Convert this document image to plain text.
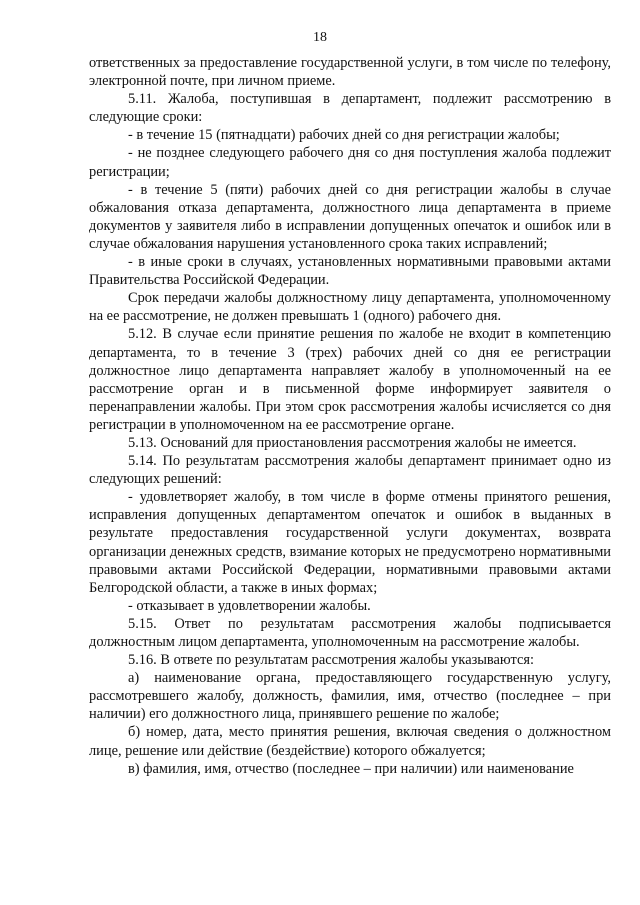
18

ответственных за предоставление государственной услуги, в том числе по телефону, электронной почте, при личном приеме.

5.11. Жалоба, поступившая в департамент, подлежит рассмотрению в следующие сроки:

- в течение 15 (пятнадцати) рабочих дней со дня регистрации жалобы;

- не позднее следующего рабочего дня со дня поступления жалоба подлежит регистрации;

- в течение 5 (пяти) рабочих дней со дня регистрации жалобы в случае обжалования отказа департамента, должностного лица департамента в приеме документов у заявителя либо в исправлении допущенных опечаток и ошибок или в случае обжалования нарушения установленного срока таких исправлений;

- в иные сроки в случаях, установленных нормативными правовыми актами Правительства Российской Федерации.

Срок передачи жалобы должностному лицу департамента, уполномоченному на ее рассмотрение, не должен превышать 1 (одного) рабочего дня.

5.12. В случае если принятие решения по жалобе не входит в компетенцию департамента, то в течение 3 (трех) рабочих дней со дня ее регистрации должностное лицо департамента направляет жалобу в уполномоченный на ее рассмотрение орган и в письменной форме информирует заявителя о перенаправлении жалобы. При этом срок рассмотрения жалобы исчисляется со дня регистрации в уполномоченном на ее рассмотрение органе.

5.13. Оснований для приостановления рассмотрения жалобы не имеется.

5.14. По результатам рассмотрения жалобы департамент принимает одно из следующих решений:

- удовлетворяет жалобу, в том числе в форме отмены принятого решения, исправления допущенных департаментом опечаток и ошибок в выданных в результате предоставления государственной услуги документах, возврата организации денежных средств, взимание которых не предусмотрено нормативными правовыми актами Российской Федерации, нормативными правовыми актами Белгородской области, а также в иных формах;

- отказывает в удовлетворении жалобы.

5.15. Ответ по результатам рассмотрения жалобы подписывается должностным лицом департамента, уполномоченным на рассмотрение жалобы.

5.16. В ответе по результатам рассмотрения жалобы указываются:

а) наименование органа, предоставляющего государственную услугу, рассмотревшего жалобу, должность, фамилия, имя, отчество (последнее – при наличии) его должностного лица, принявшего решение по жалобе;

б) номер, дата, место принятия решения, включая сведения о должностном лице, решение или действие (бездействие) которого обжалуется;

в) фамилия, имя, отчество (последнее – при наличии) или наименование
